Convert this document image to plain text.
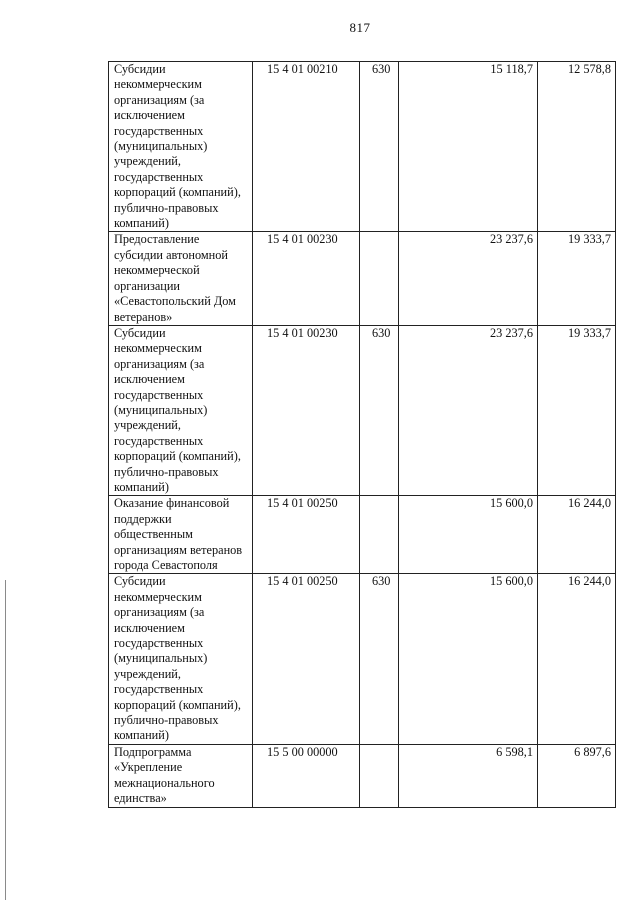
817
Субсидии некоммерческим организациям (за исключением государственных (муниципальных) учреждений, государственных корпораций (компаний), публично-правовых компаний)	15 4 01 00210	630	15 118,7	12 578,8
Предоставление субсидии автономной некоммерческой организации «Севастопольский Дом ветеранов»	15 4 01 00230		23 237,6	19 333,7
Субсидии некоммерческим организациям (за исключением государственных (муниципальных) учреждений, государственных корпораций (компаний), публично-правовых компаний)	15 4 01 00230	630	23 237,6	19 333,7
Оказание финансовой поддержки общественным организациям ветеранов города Севастополя	15 4 01 00250		15 600,0	16 244,0
Субсидии некоммерческим организациям (за исключением государственных (муниципальных) учреждений, государственных корпораций (компаний), публично-правовых компаний)	15 4 01 00250	630	15 600,0	16 244,0
Подпрограмма «Укрепление межнационального единства»	15 5 00 00000		6 598,1	6 897,6
